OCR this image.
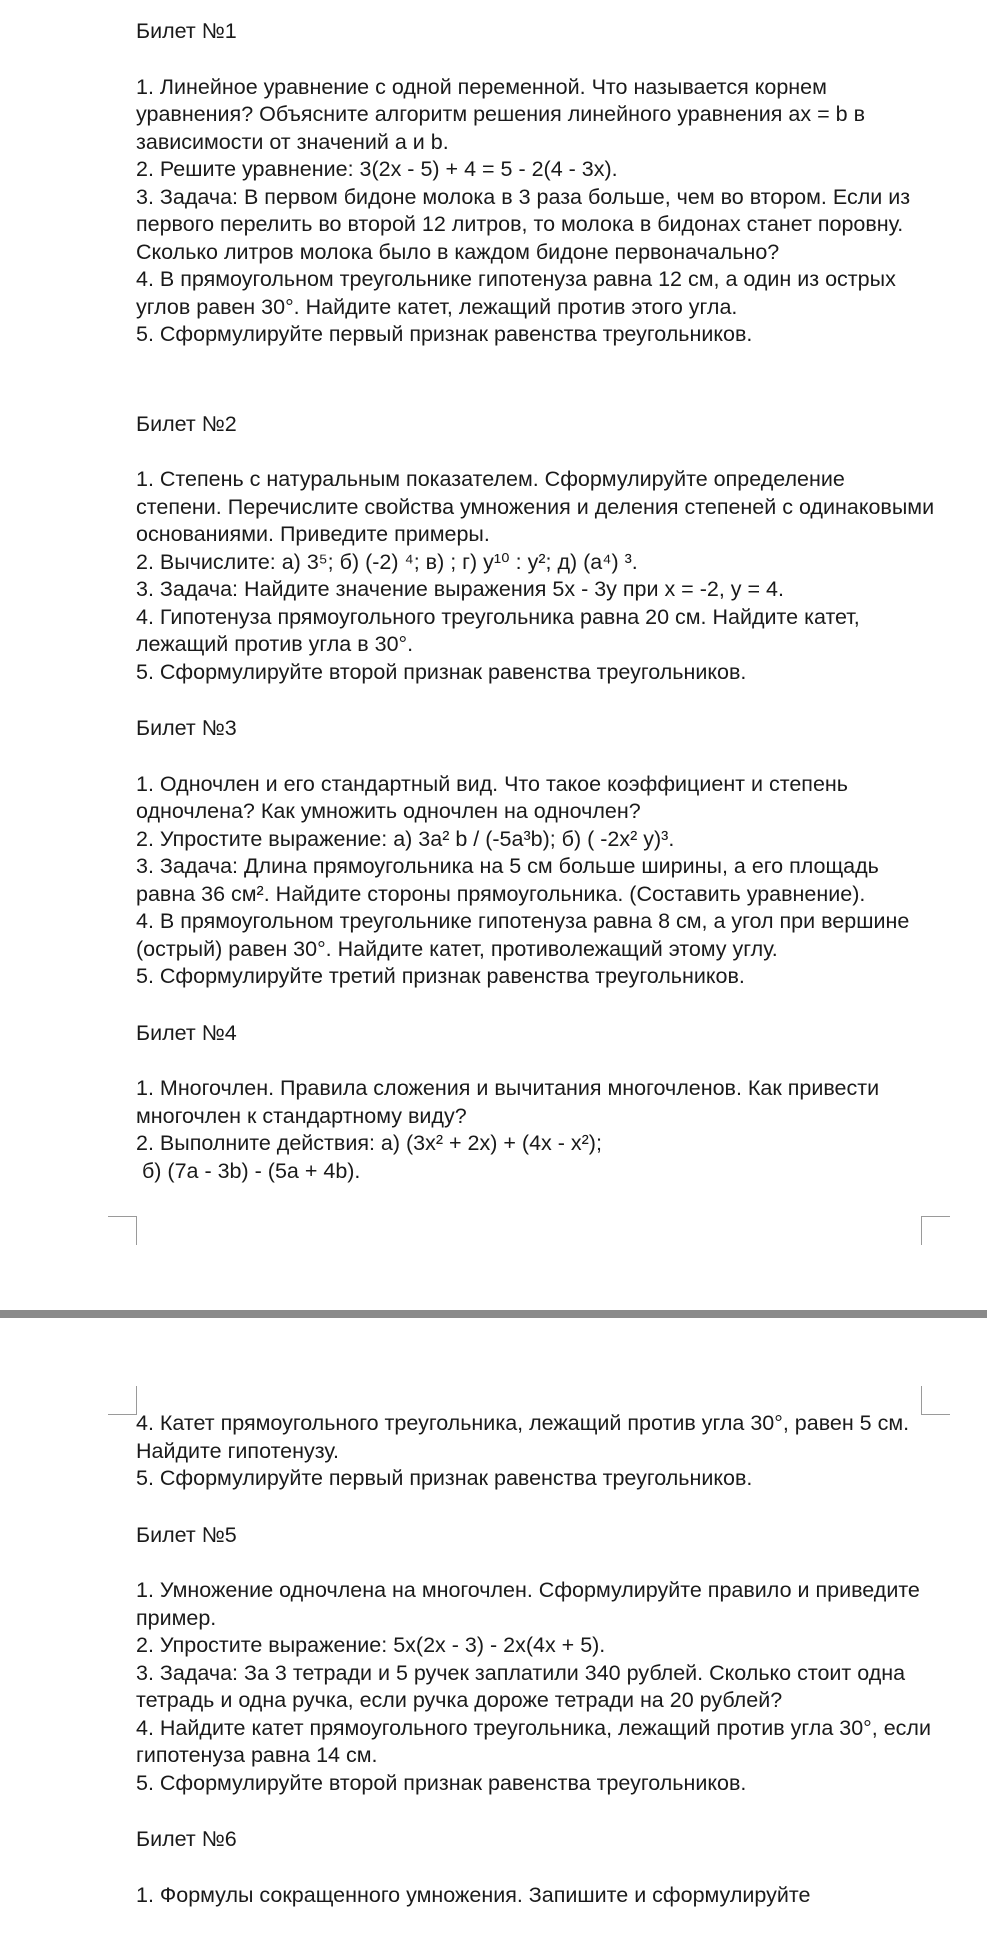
Билет №1

1. Линейное уравнение с одной переменной. Что называется корнем уравнения? Объясните алгоритм решения линейного уравнения ax = b в зависимости от значений a и b.

2. Решите уравнение: 3(2x - 5) + 4 = 5 - 2(4 - 3x).

3. Задача: В первом бидоне молока в 3 раза больше, чем во втором. Если из первого перелить во второй 12 литров, то молока в бидонах станет поровну. Сколько литров молока было в каждом бидоне первоначально?

4. В прямоугольном треугольнике гипотенуза равна 12 см, а один из острых углов равен 30°. Найдите катет, лежащий против этого угла.

5. Сформулируйте первый признак равенства треугольников.

Билет №2

1. Степень с натуральным показателем. Сформулируйте определение степени. Перечислите свойства умножения и деления степеней с одинаковыми основаниями. Приведите примеры.

2. Вычислите: а) 3⁵; б) (-2) ⁴; в) ; г) y¹⁰ : y²; д) (a⁴) ³.

3. Задача: Найдите значение выражения 5x - 3y при x = -2, y = 4.

4. Гипотенуза прямоугольного треугольника равна 20 см. Найдите катет, лежащий против угла в 30°.

5. Сформулируйте второй признак равенства треугольников.

Билет №3

1. Одночлен и его стандартный вид. Что такое коэффициент и степень одночлена? Как умножить одночлен на одночлен?

2. Упростите выражение: а) 3a² b / (-5a³b); б) ( -2x² y)³.

3. Задача: Длина прямоугольника на 5 см больше ширины, а его площадь равна 36 см². Найдите стороны прямоугольника. (Составить уравнение).

4. В прямоугольном треугольнике гипотенуза равна 8 см, а угол при вершине (острый) равен 30°. Найдите катет, противолежащий этому углу.

5. Сформулируйте третий признак равенства треугольников.

Билет №4

1. Многочлен. Правила сложения и вычитания многочленов. Как привести многочлен к стандартному виду?

2. Выполните действия: а) (3x² + 2x) + (4x - x²);

б) (7a - 3b) - (5a + 4b).

4. Катет прямоугольного треугольника, лежащий против угла 30°, равен 5 см. Найдите гипотенузу.

5. Сформулируйте первый признак равенства треугольников.

Билет №5

1. Умножение одночлена на многочлен. Сформулируйте правило и приведите пример.

2. Упростите выражение: 5x(2x - 3) - 2x(4x + 5).

3. Задача: За 3 тетради и 5 ручек заплатили 340 рублей. Сколько стоит одна тетрадь и одна ручка, если ручка дороже тетради на 20 рублей?

4. Найдите катет прямоугольного треугольника, лежащий против угла 30°, если гипотенуза равна 14 см.

5. Сформулируйте второй признак равенства треугольников.

Билет №6

1. Формулы сокращенного умножения. Запишите и сформулируйте
